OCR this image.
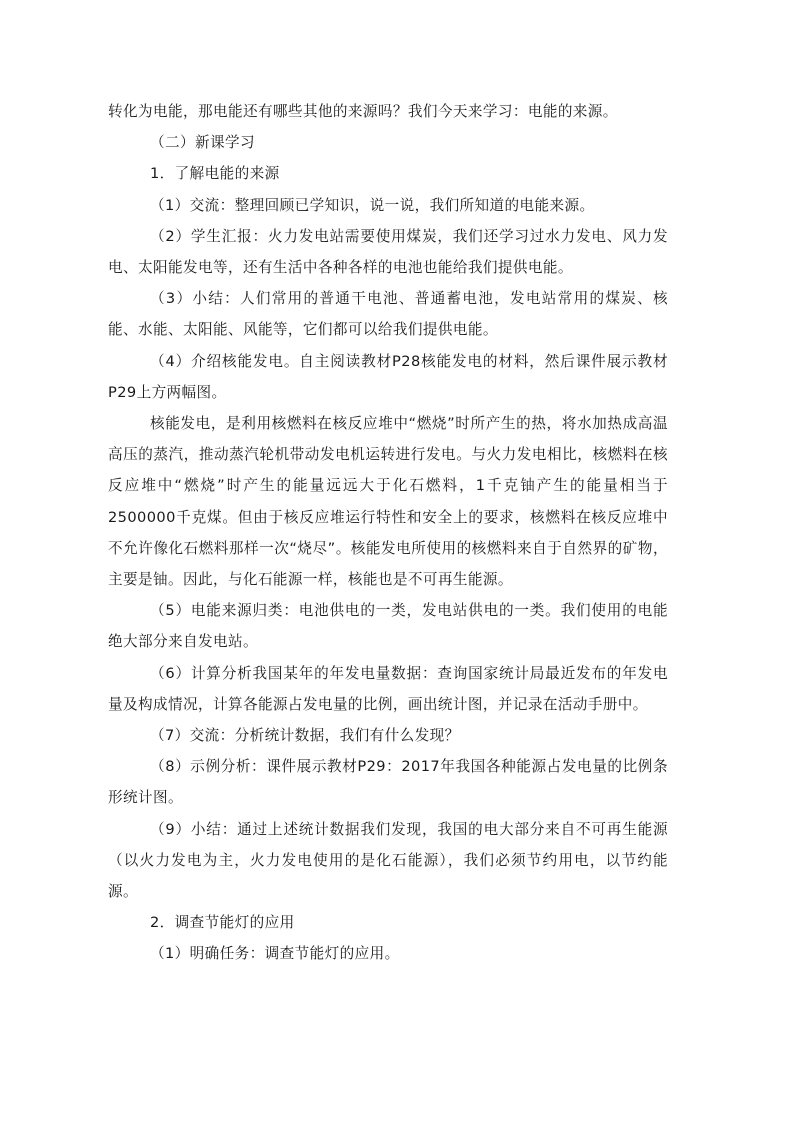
转化为电能，那电能还有哪些其他的来源吗？我们今天来学习：电能的来源。

（二）新课学习

1．了解电能的来源

（1）交流：整理回顾已学知识，说一说，我们所知道的电能来源。

（2）学生汇报：火力发电站需要使用煤炭，我们还学习过水力发电、风力发电、太阳能发电等，还有生活中各种各样的电池也能给我们提供电能。

（3）小结：人们常用的普通干电池、普通蓄电池，发电站常用的煤炭、核能、水能、太阳能、风能等，它们都可以给我们提供电能。

（4）介绍核能发电。自主阅读教材P28核能发电的材料，然后课件展示教材P29上方两幅图。

核能发电，是利用核燃料在核反应堆中“燃烧”时所产生的热，将水加热成高温高压的蒸汽，推动蒸汽轮机带动发电机运转进行发电。与火力发电相比，核燃料在核反应堆中“燃烧”时产生的能量远远大于化石燃料，1千克铀产生的能量相当于2500000千克煤。但由于核反应堆运行特性和安全上的要求，核燃料在核反应堆中不允许像化石燃料那样一次“烧尽”。核能发电所使用的核燃料来自于自然界的矿物，主要是铀。因此，与化石能源一样，核能也是不可再生能源。

（5）电能来源归类：电池供电的一类，发电站供电的一类。我们使用的电能绝大部分来自发电站。

（6）计算分析我国某年的年发电量数据：查询国家统计局最近发布的年发电量及构成情况，计算各能源占发电量的比例，画出统计图，并记录在活动手册中。

（7）交流：分析统计数据，我们有什么发现？

（8）示例分析：课件展示教材P29：2017年我国各种能源占发电量的比例条形统计图。

（9）小结：通过上述统计数据我们发现，我国的电大部分来自不可再生能源（以火力发电为主，火力发电使用的是化石能源），我们必须节约用电，以节约能源。

2．调查节能灯的应用

（1）明确任务：调查节能灯的应用。
